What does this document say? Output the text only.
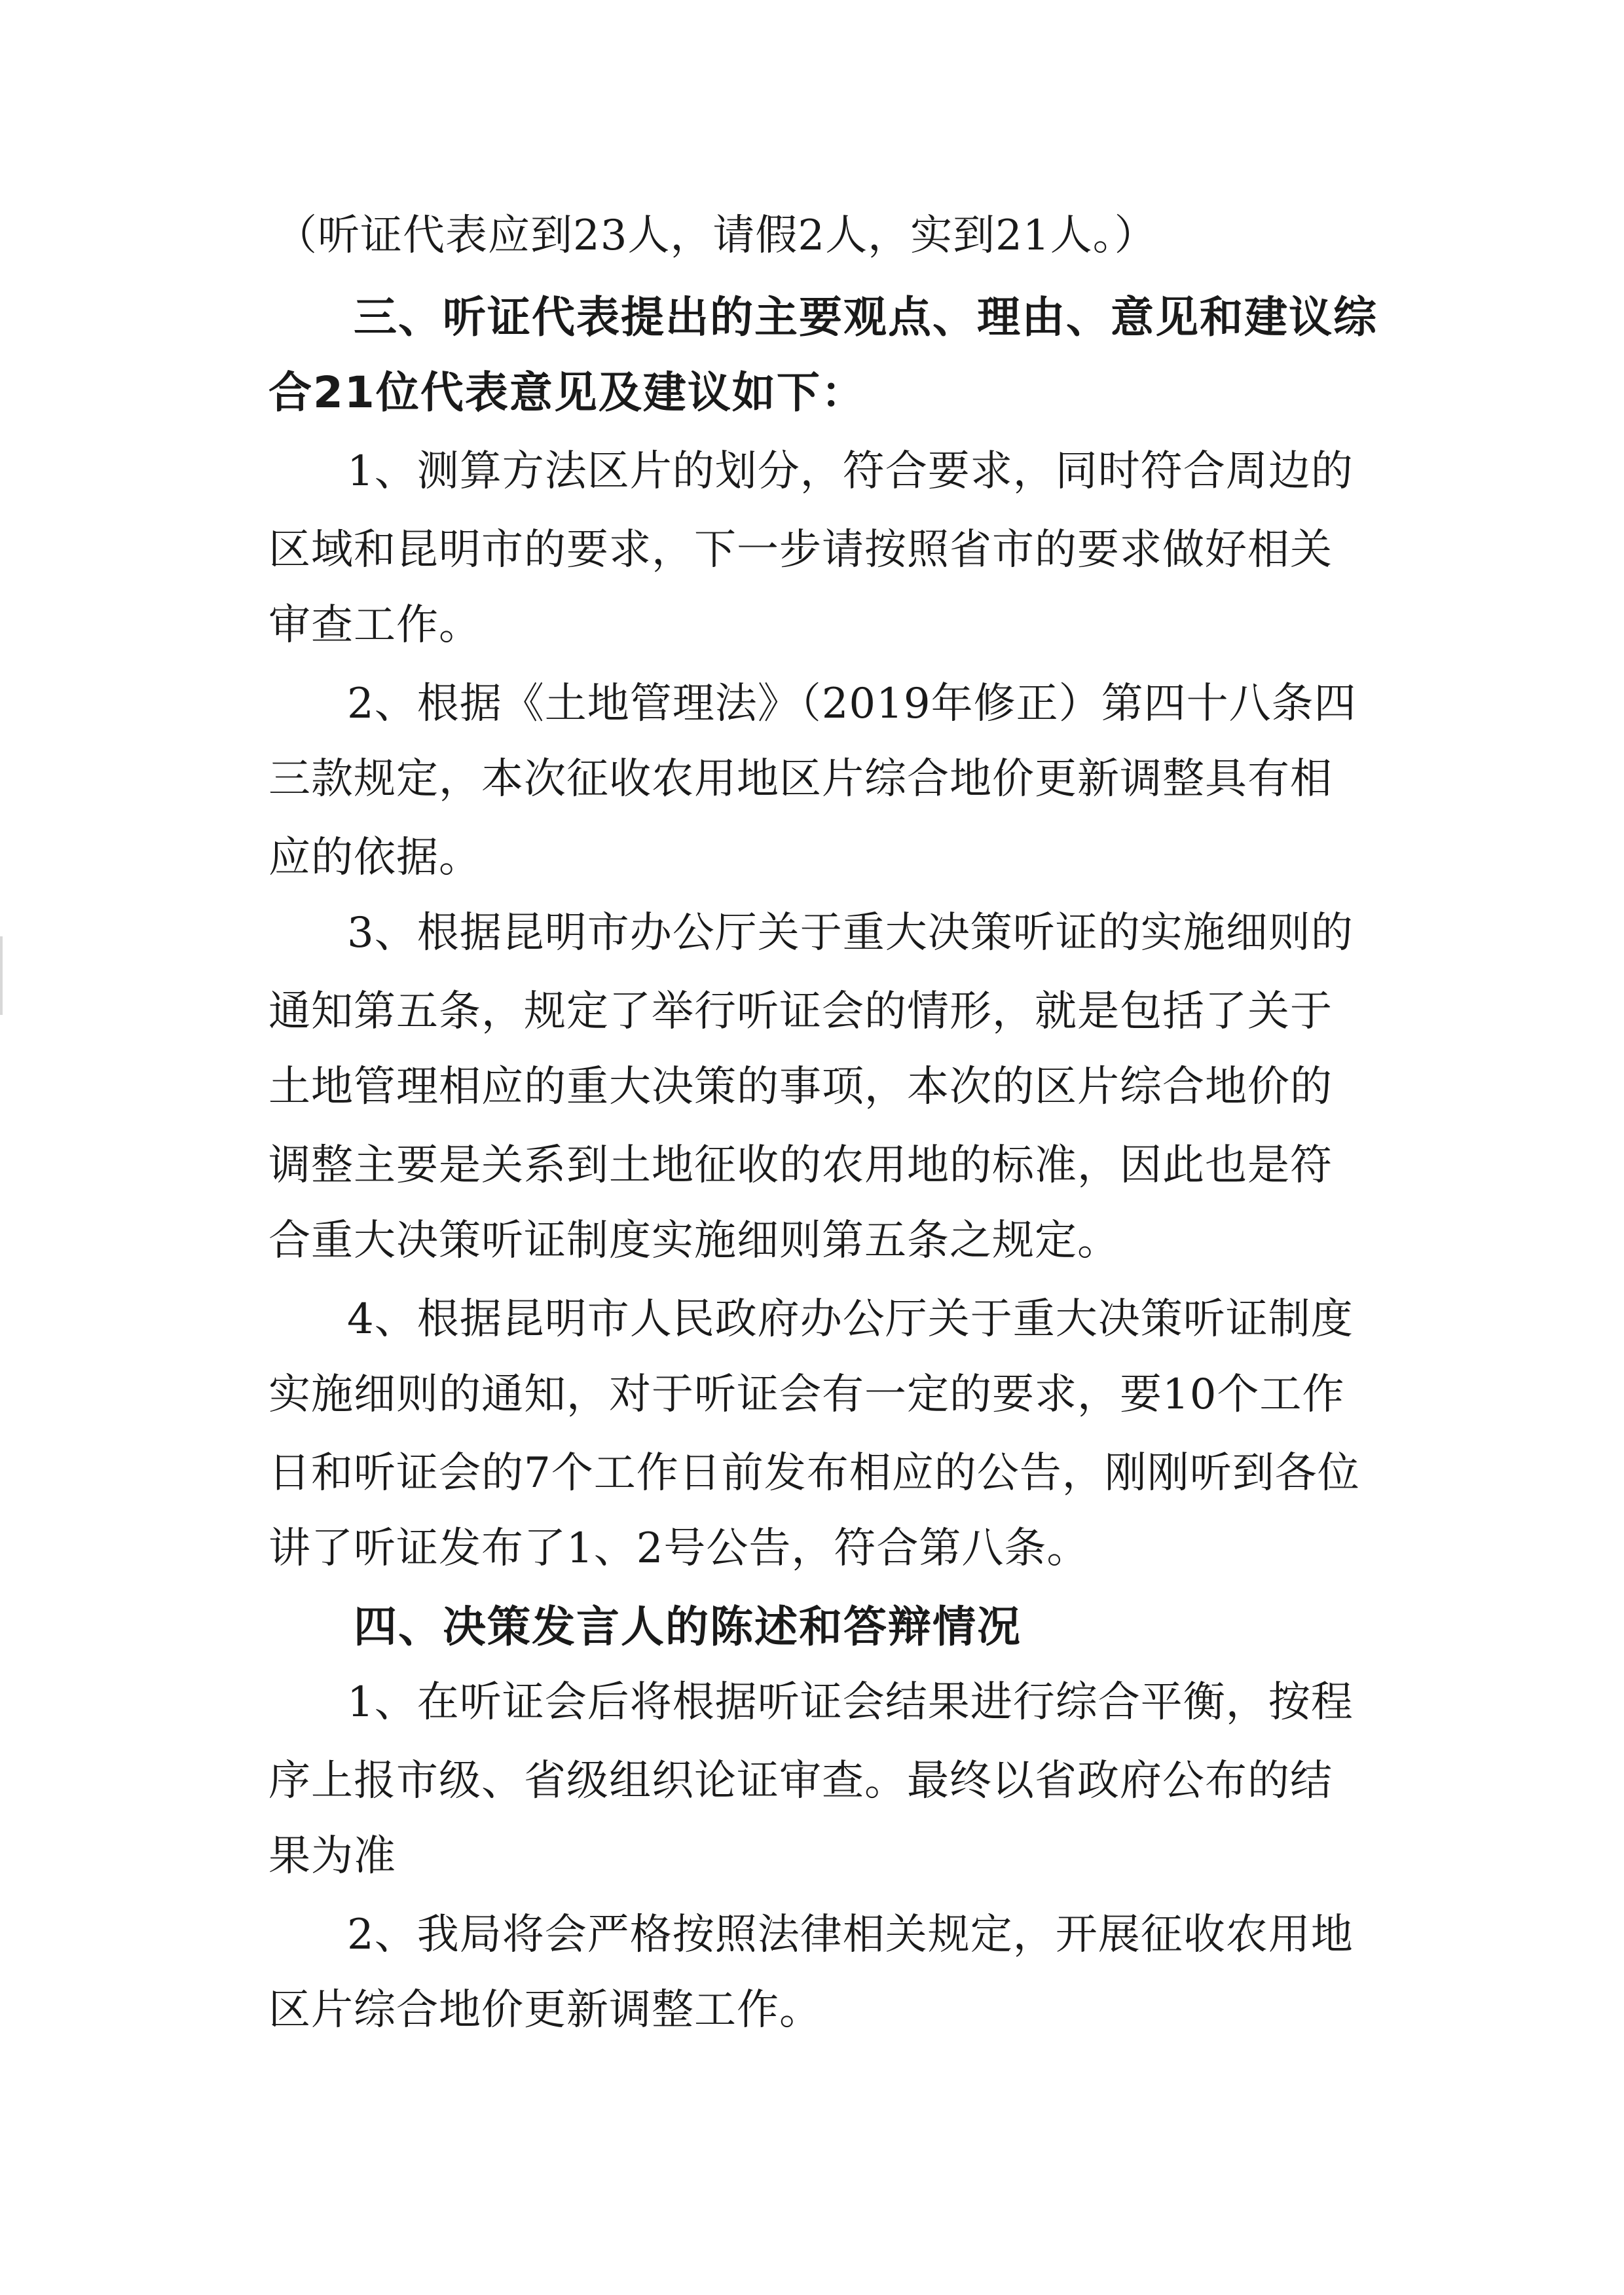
（听证代表应到23人，请假2人，实到21人。）
三、听证代表提出的主要观点、理由、意见和建议综
合21位代表意见及建议如下：
1、测算方法区片的划分，符合要求，同时符合周边的
区域和昆明市的要求，下一步请按照省市的要求做好相关
审查工作。
2、根据《土地管理法》（2019年修正）第四十八条四
三款规定，本次征收农用地区片综合地价更新调整具有相
应的依据。
3、根据昆明市办公厅关于重大决策听证的实施细则的
通知第五条，规定了举行听证会的情形，就是包括了关于
土地管理相应的重大决策的事项，本次的区片综合地价的
调整主要是关系到土地征收的农用地的标准，因此也是符
合重大决策听证制度实施细则第五条之规定。
4、根据昆明市人民政府办公厅关于重大决策听证制度
实施细则的通知，对于听证会有一定的要求，要10个工作
日和听证会的7个工作日前发布相应的公告，刚刚听到各位
讲了听证发布了1、2号公告，符合第八条。
四、决策发言人的陈述和答辩情况
1、在听证会后将根据听证会结果进行综合平衡，按程
序上报市级、省级组织论证审查。最终以省政府公布的结
果为准
2、我局将会严格按照法律相关规定，开展征收农用地
区片综合地价更新调整工作。
